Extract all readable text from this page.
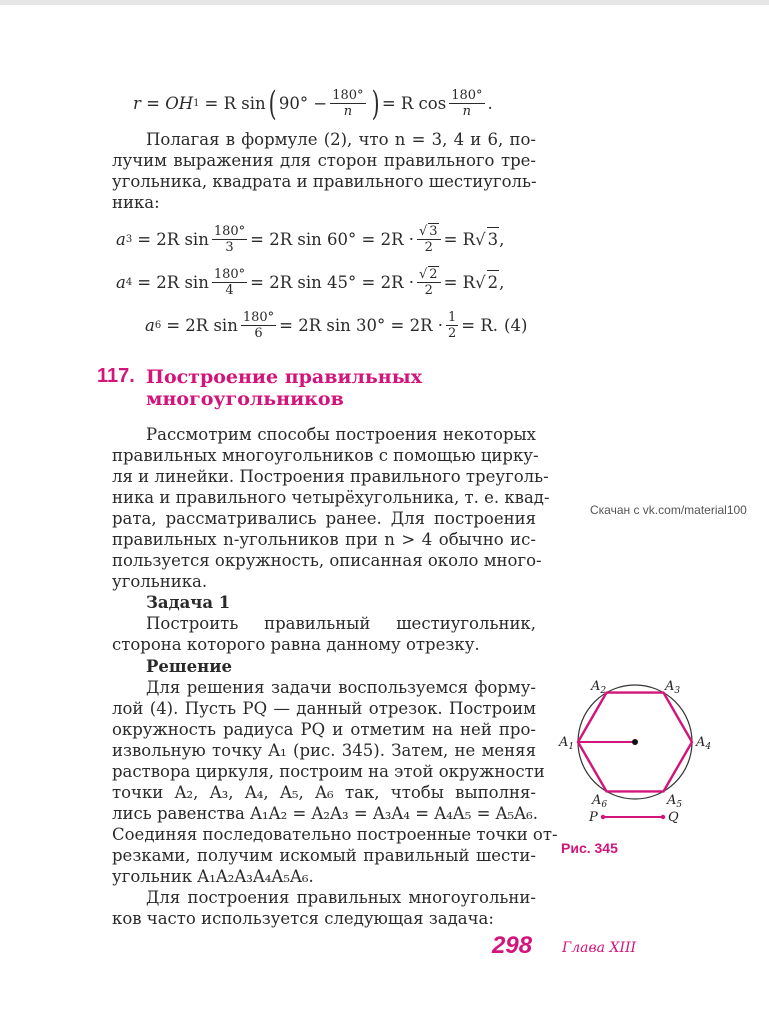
r = OH 1 = R sin ( $90^\circ - \frac{180^\circ}{n}$ ) = R $\cos \frac{180^\circ}{n}$ .
Полагая в формуле (2), что n = 3, 4 и 6, по-
лучим выражения для сторон правильного тре-
угольника, квадрата и правильного шестиуголь-
ника:
a 3 = 2R $\sin \frac{180^\circ}{3} = 2R$ $\sin 60^\circ = 2R \cdot \frac{√ 3}{2} = R$ √ 3 ,
a 4 = 2R $\sin \frac{180^\circ}{4} = 2R$ $\sin 45^\circ = 2R \cdot \frac{√ 2}{2} = R$ √ 2 ,
a 6 = 2R $\sin \frac{180^\circ}{6} = 2R$ $\sin 30^\circ = 2R \cdot \frac{1}{2} = R$. (4)
117. Построение правильных
многоугольников
Рассмотрим способы построения некоторых
правильных многоугольников с помощью цирку-
ля и линейки. Построения правильного треуголь-
ника и правильного четырёхугольника, т. е. квад-
рата, рассматривались ранее. Для построения
правильных n-угольников при n > 4 обычно ис-
пользуется окружность, описанная около много-
угольника.
Задача 1
Построить правильный шестиугольник,
сторона которого равна данному отрезку.
Решение
Для решения задачи воспользуемся форму-
лой (4). Пусть PQ — данный отрезок. Построим
окружность радиуса PQ и отметим на ней про-
извольную точку A₁ (рис. 345). Затем, не меняя
раствора циркуля, построим на этой окружности
точки A₂, A₃, A₄, A₅, A₆ так, чтобы выполня-
лись равенства A₁A₂ = A₂A₃ = A₃A₄ = A₄A₅ = A₅A₆.
Соединяя последовательно построенные точки от-
резками, получим искомый правильный шести-
угольник A₁A₂A₃A₄A₅A₆.
Для построения правильных многоугольни-
ков часто используется следующая задача:
Скачан с vk.com/material100
$A_1$
$A_2$	$A_3$
$A_4$
$A_5$
$A_6$
P	Q
Рис. 345
298 Глава XIII
